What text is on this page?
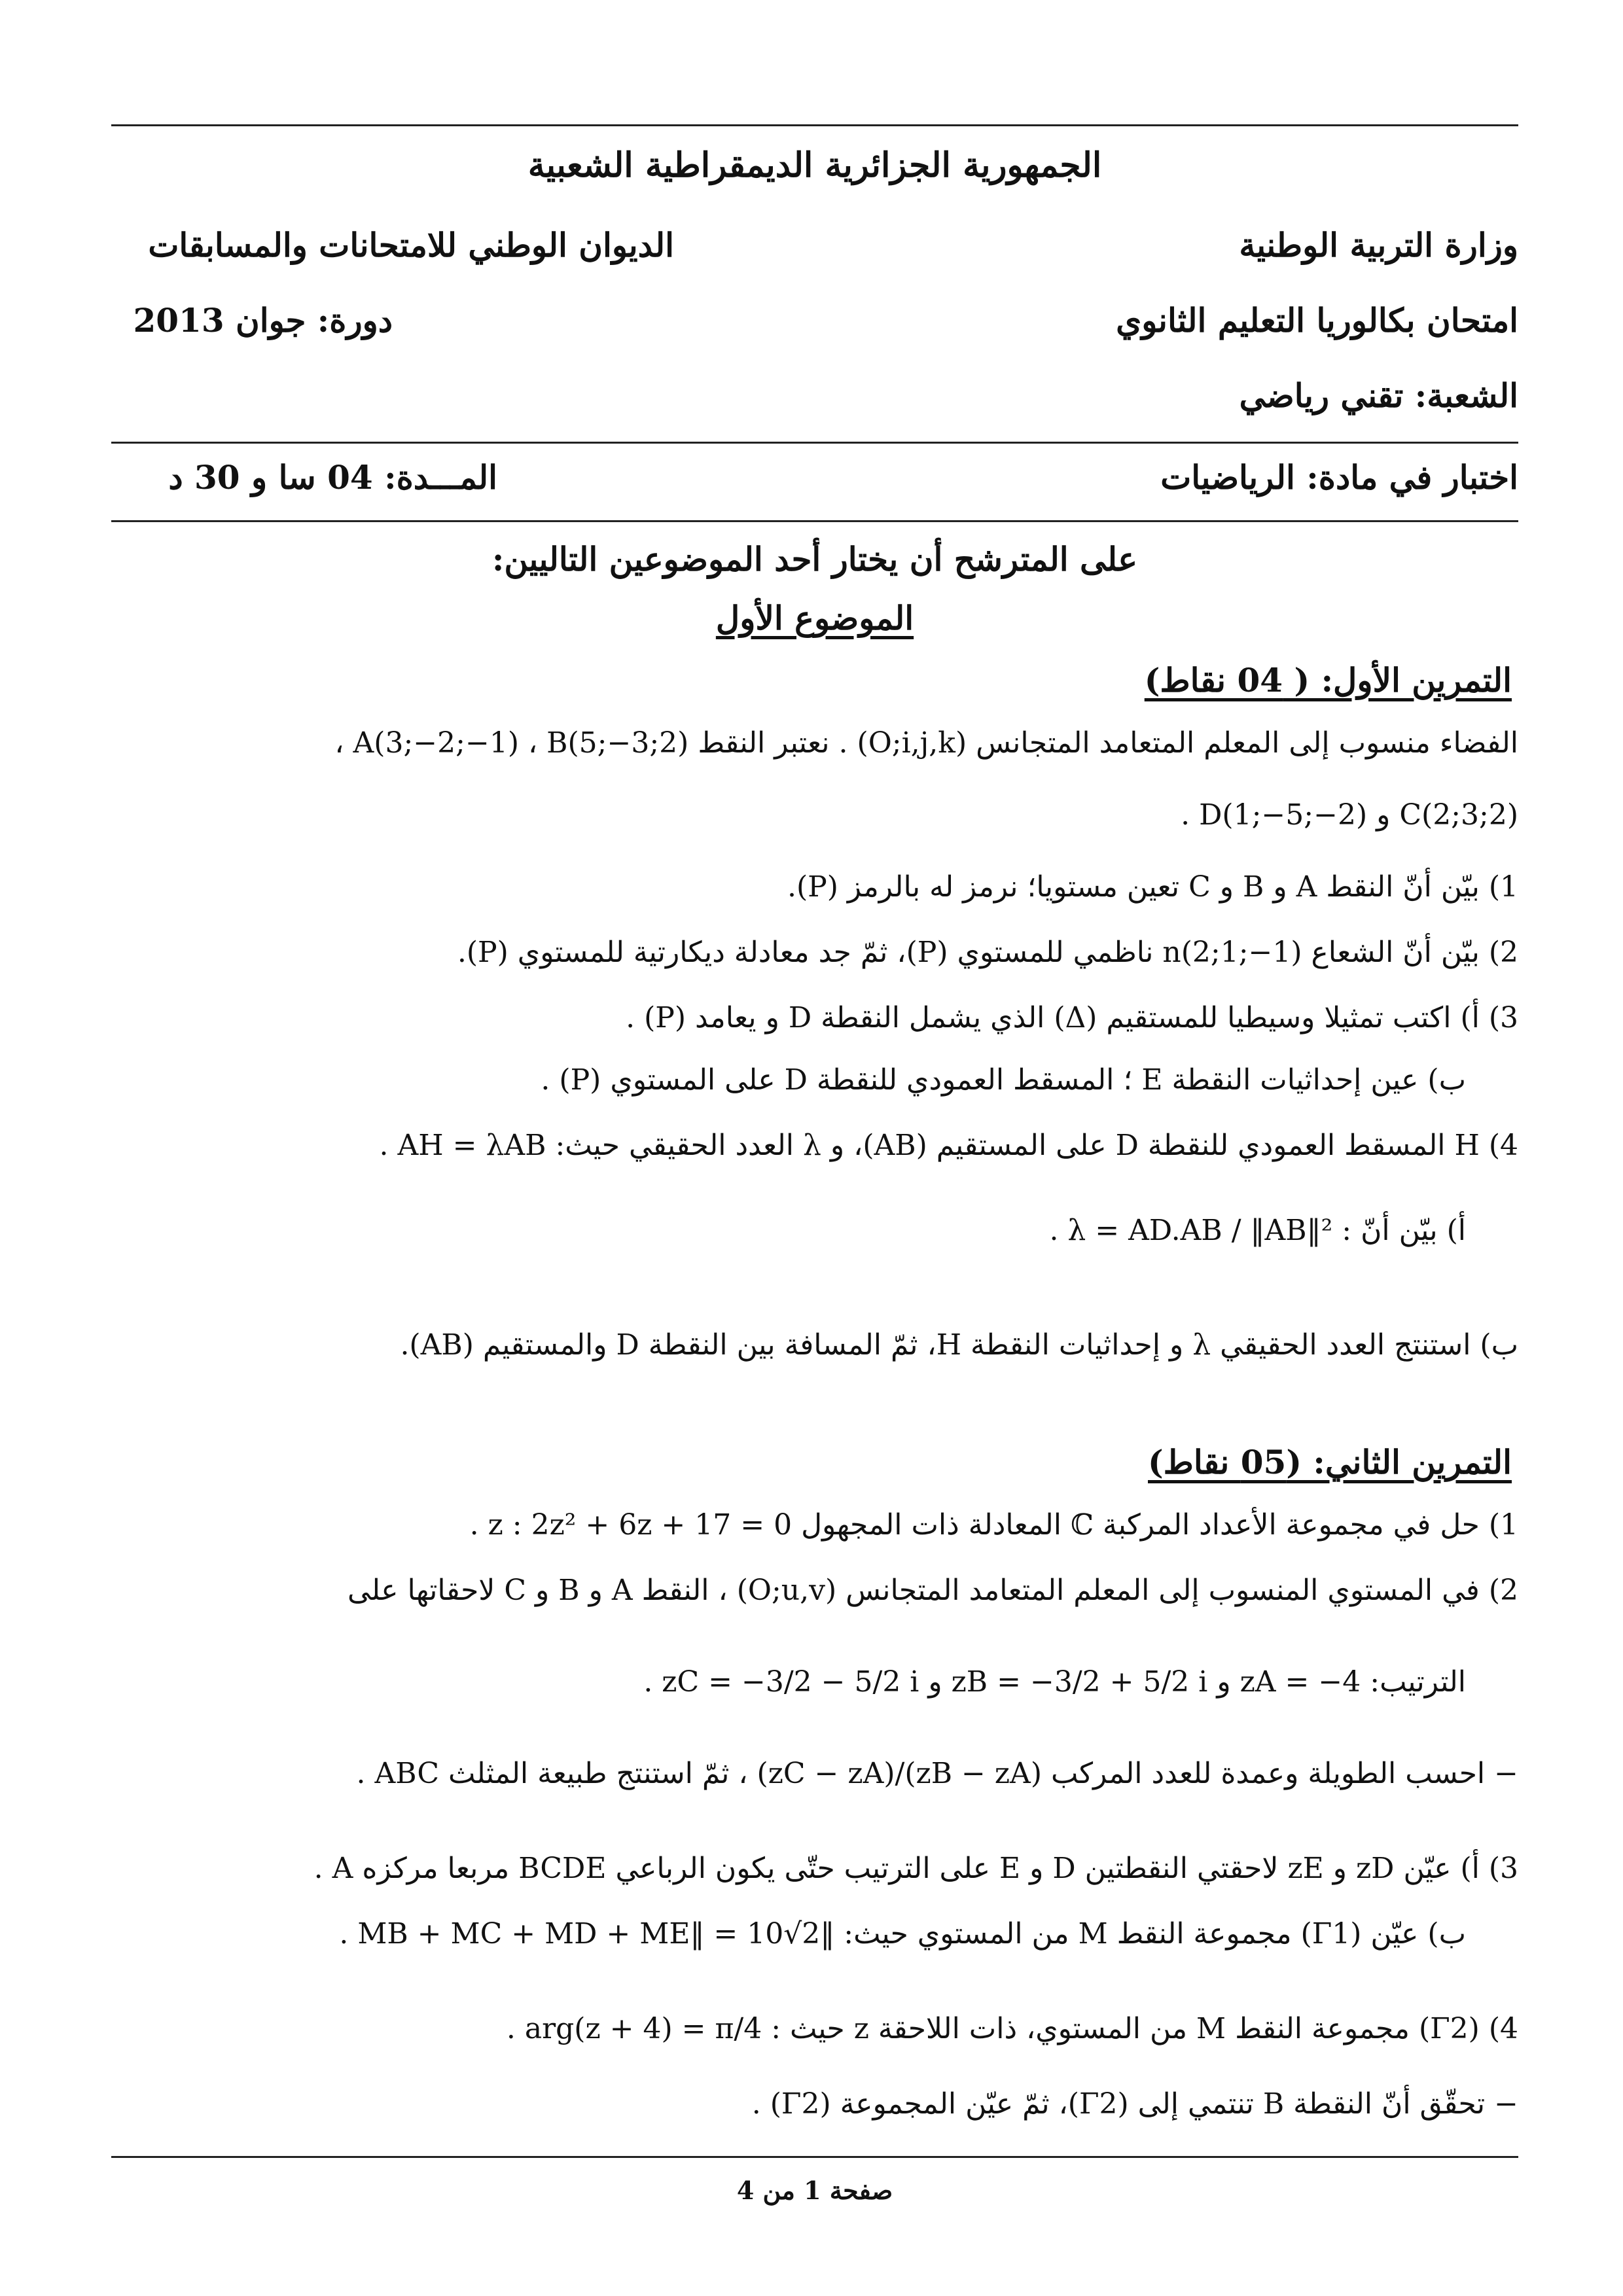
الجمهورية الجزائرية الديمقراطية الشعبية
وزارة التربية الوطنية
الديوان الوطني للامتحانات والمسابقات
امتحان بكالوريا التعليم الثانوي
دورة: جوان 2013
الشعبة: تقني رياضي
اختبار في مادة: الرياضيات
المـــدة: 04 سا و 30 د
على المترشح أن يختار أحد الموضوعين التاليين:
الموضوع الأول
التمرين الأول: ( 04 نقاط)
الفضاء منسوب إلى المعلم المتعامد المتجانس (O;i,j,k) . نعتبر النقط A(3;−2;−1) ، B(5;−3;2) ،
C(2;3;2) و D(1;−5;−2) .
1) بيّن أنّ النقط A و B و C تعين مستويا؛ نرمز له بالرمز (P).
2) بيّن أنّ الشعاع n(2;1;−1) ناظمي للمستوي (P)، ثمّ جد معادلة ديكارتية للمستوي (P).
3) أ) اكتب تمثيلا وسيطيا للمستقيم (Δ) الذي يشمل النقطة D و يعامد (P) .
ب) عين إحداثيات النقطة E ؛ المسقط العمودي للنقطة D على المستوي (P) .
4) H المسقط العمودي للنقطة D على المستقيم (AB)، و λ العدد الحقيقي حيث: AH = λAB .
أ) بيّن أنّ : λ = AD.AB / ‖AB‖² .
ب) استنتج العدد الحقيقي λ و إحداثيات النقطة H، ثمّ المسافة بين النقطة D والمستقيم (AB).
التمرين الثاني: (05 نقاط)
1) حل في مجموعة الأعداد المركبة ℂ المعادلة ذات المجهول z : 2z² + 6z + 17 = 0 .
2) في المستوي المنسوب إلى المعلم المتعامد المتجانس (O;u,v) ، النقط A و B و C لاحقاتها على
الترتيب: zA = −4 و zB = −3/2 + 5/2 i و zC = −3/2 − 5/2 i .
− احسب الطويلة وعمدة للعدد المركب (zB − zA)/(zC − zA) ، ثمّ استنتج طبيعة المثلث ABC .
3) أ) عيّن zD و zE لاحقتي النقطتين D و E على الترتيب حتّى يكون الرباعي BCDE مربعا مركزه A .
ب) عيّن (Γ1) مجموعة النقط M من المستوي حيث: ‖MB + MC + MD + ME‖ = 10√2 .
4) (Γ2) مجموعة النقط M من المستوي، ذات اللاحقة z حيث : arg(z + 4) = π/4 .
− تحقّق أنّ النقطة B تنتمي إلى (Γ2)، ثمّ عيّن المجموعة (Γ2) .
صفحة 1 من 4
